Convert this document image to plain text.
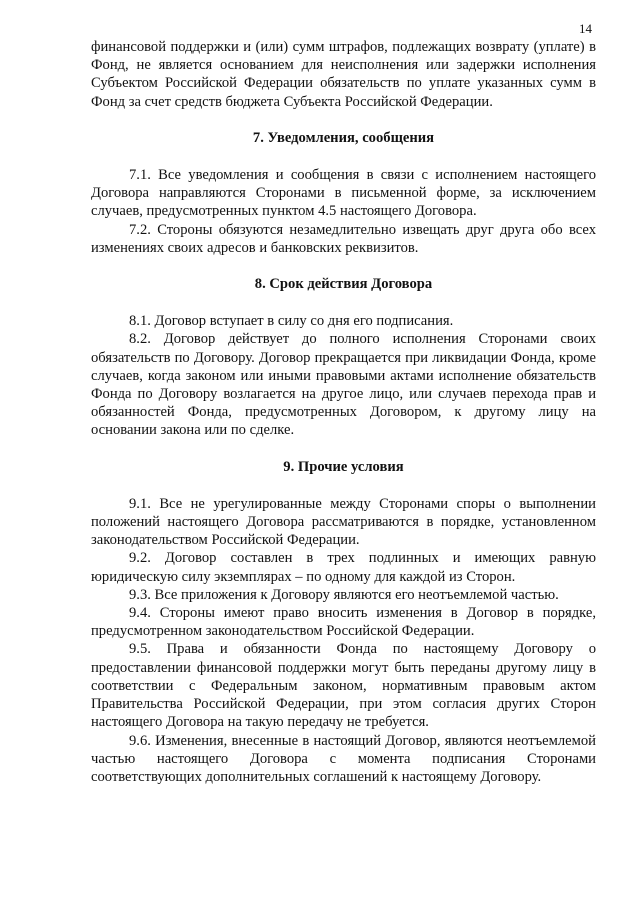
14

финансовой поддержки и (или) сумм штрафов, подлежащих возврату (уплате) в Фонд, не является основанием для неисполнения или задержки исполнения Субъектом Российской Федерации обязательств по уплате указанных сумм в Фонд за счет средств бюджета Субъекта Российской Федерации.

7. Уведомления, сообщения

7.1. Все уведомления и сообщения в связи с исполнением настоящего Договора направляются Сторонами в письменной форме, за исключением случаев, предусмотренных пунктом 4.5 настоящего Договора.

7.2. Стороны обязуются незамедлительно извещать друг друга обо всех изменениях своих адресов и банковских реквизитов.

8. Срок действия Договора

8.1. Договор вступает в силу со дня его подписания.

8.2. Договор действует до полного исполнения Сторонами своих обязательств по Договору. Договор прекращается при ликвидации Фонда, кроме случаев, когда законом или иными правовыми актами исполнение обязательств Фонда по Договору возлагается на другое лицо, или случаев перехода прав и обязанностей Фонда, предусмотренных Договором, к другому лицу на основании закона или по сделке.

9. Прочие условия

9.1. Все не урегулированные между Сторонами споры о выполнении положений настоящего Договора рассматриваются в порядке, установленном законодательством Российской Федерации.

9.2. Договор составлен в трех подлинных и имеющих равную юридическую силу экземплярах – по одному для каждой из Сторон.

9.3. Все приложения к Договору являются его неотъемлемой частью.

9.4. Стороны имеют право вносить изменения в Договор в порядке, предусмотренном законодательством Российской Федерации.

9.5. Права и обязанности Фонда по настоящему Договору о предоставлении финансовой поддержки могут быть переданы другому лицу в соответствии с Федеральным законом, нормативным правовым актом Правительства Российской Федерации, при этом согласия других Сторон настоящего Договора на такую передачу не требуется.

9.6. Изменения, внесенные в настоящий Договор, являются неотъемлемой частью настоящего Договора с момента подписания Сторонами соответствующих дополнительных соглашений к настоящему Договору.
